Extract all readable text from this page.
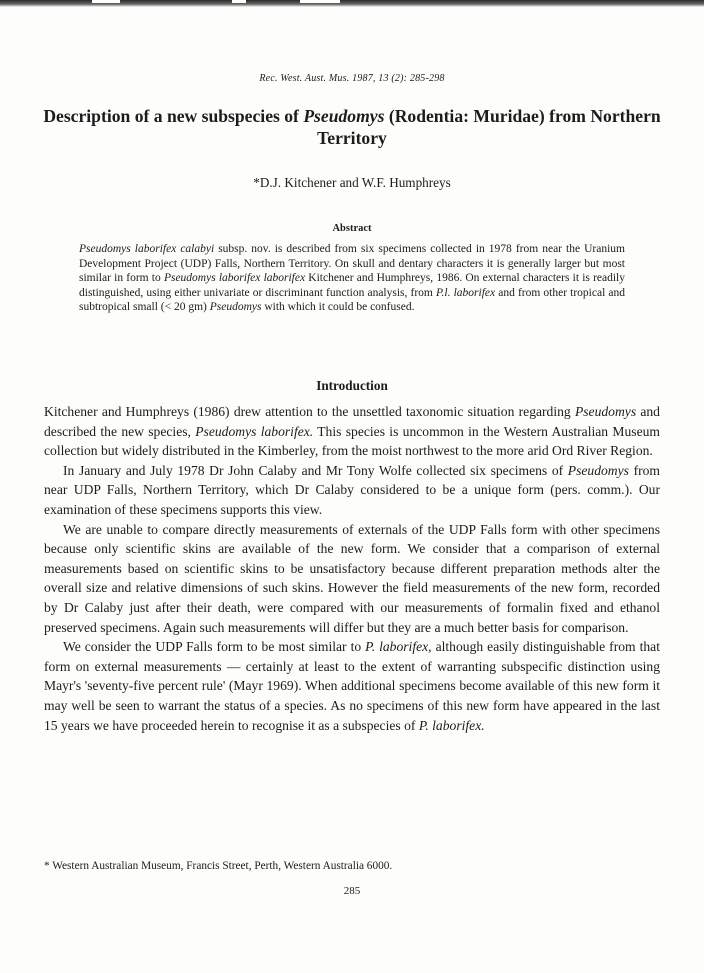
Rec. West. Aust. Mus. 1987, 13 (2): 285-298
Description of a new subspecies of Pseudomys (Rodentia: Muridae) from Northern Territory
*D.J. Kitchener and W.F. Humphreys
Abstract
Pseudomys laborifex calabyi subsp. nov. is described from six specimens collected in 1978 from near the Uranium Development Project (UDP) Falls, Northern Territory. On skull and dentary characters it is generally larger but most similar in form to Pseudomys laborifex laborifex Kitchener and Humphreys, 1986. On external characters it is readily distinguished, using either univariate or discriminant function analysis, from P.l. laborifex and from other tropical and subtropical small (< 20 gm) Pseudomys with which it could be confused.
Introduction

Kitchener and Humphreys (1986) drew attention to the unsettled taxonomic situation regarding Pseudomys and described the new species, Pseudomys laborifex. This species is uncommon in the Western Australian Museum collection but widely distributed in the Kimberley, from the moist northwest to the more arid Ord River Region.

In January and July 1978 Dr John Calaby and Mr Tony Wolfe collected six specimens of Pseudomys from near UDP Falls, Northern Territory, which Dr Calaby considered to be a unique form (pers. comm.). Our examination of these specimens supports this view.

We are unable to compare directly measurements of externals of the UDP Falls form with other specimens because only scientific skins are available of the new form. We consider that a comparison of external measurements based on scientific skins to be unsatisfactory because different preparation methods alter the overall size and relative dimensions of such skins. However the field measurements of the new form, recorded by Dr Calaby just after their death, were compared with our measurements of formalin fixed and ethanol preserved specimens. Again such measurements will differ but they are a much better basis for comparison.

We consider the UDP Falls form to be most similar to P. laborifex, although easily distinguishable from that form on external measurements — certainly at least to the extent of warranting subspecific distinction using Mayr's 'seventy-five percent rule' (Mayr 1969). When additional specimens become available of this new form it may well be seen to warrant the status of a species. As no specimens of this new form have appeared in the last 15 years we have proceeded herein to recognise it as a subspecies of P. laborifex.

* Western Australian Museum, Francis Street, Perth, Western Australia 6000.
285
